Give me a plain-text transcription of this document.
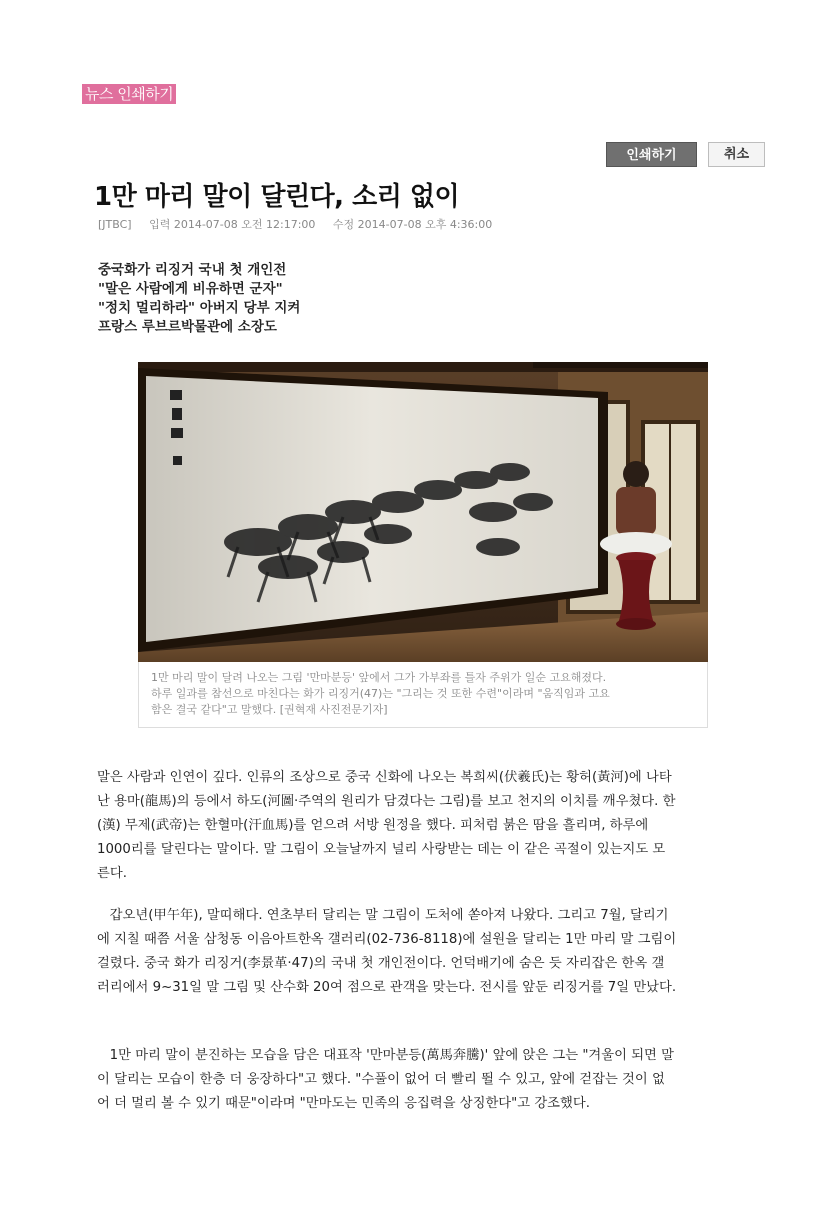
뉴스 인쇄하기
인쇄하기	취소
1만 마리 말이 달린다, 소리 없이
[JTBC] 입력 2014-07-08 오전 12:17:00 수정 2014-07-08 오후 4:36:00
중국화가 리징거 국내 첫 개인전
"말은 사람에게 비유하면 군자"
"정치 멀리하라" 아버지 당부 지켜
프랑스 루브르박물관에 소장도
1만 마리 말이 달려 나오는 그림 '만마분등' 앞에서 그가 가부좌를 틀자 주위가 일순 고요해졌다.
하루 일과를 참선으로 마친다는 화가 리징거(47)는 "그리는 것 또한 수련"이라며 "움직임과 고요
함은 결국 같다"고 말했다. [권혁재 사진전문기자]
말은 사람과 인연이 깊다. 인류의 조상으로 중국 신화에 나오는 복희씨(伏羲氏)는 황허(黃河)에 나타
난 용마(龍馬)의 등에서 하도(河圖·주역의 원리가 담겼다는 그림)를 보고 천지의 이치를 깨우쳤다. 한
(漢) 무제(武帝)는 한혈마(汗血馬)를 얻으려 서방 원정을 했다. 피처럼 붉은 땀을 흘리며, 하루에
1000리를 달린다는 말이다. 말 그림이 오늘날까지 널리 사랑받는 데는 이 같은 곡절이 있는지도 모
른다.
갑오년(甲午年), 말띠해다. 연초부터 달리는 말 그림이 도처에 쏟아져 나왔다. 그리고 7월, 달리기
에 지칠 때쯤 서울 삼청동 이음아트한옥 갤러리(02-736-8118)에 설원을 달리는 1만 마리 말 그림이
걸렸다. 중국 화가 리징거(李景革·47)의 국내 첫 개인전이다. 언덕배기에 숨은 듯 자리잡은 한옥 갤
러리에서 9~31일 말 그림 및 산수화 20여 점으로 관객을 맞는다. 전시를 앞둔 리징거를 7일 만났다.
1만 마리 말이 분진하는 모습을 담은 대표작 '만마분등(萬馬奔騰)' 앞에 앉은 그는 "겨울이 되면 말
이 달리는 모습이 한층 더 웅장하다"고 했다. "수풀이 없어 더 빨리 뛸 수 있고, 앞에 걷잡는 것이 없
어 더 멀리 볼 수 있기 때문"이라며 "만마도는 민족의 응집력을 상징한다"고 강조했다.
